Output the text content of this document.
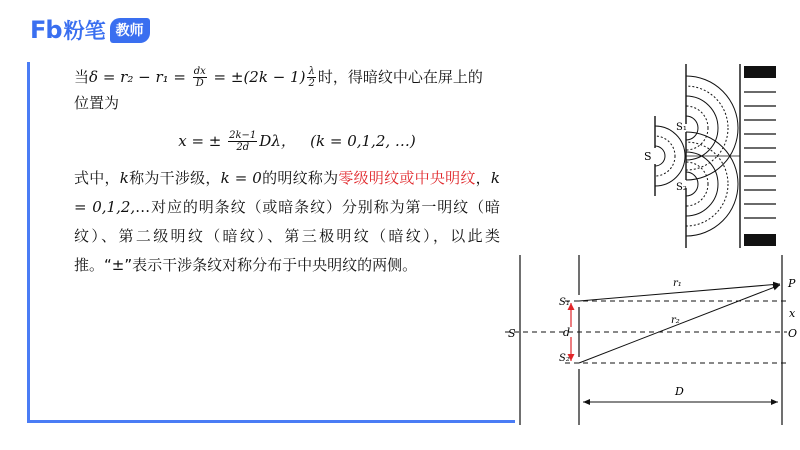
Fb 粉笔 教师
当$\delta = r_2 - r_1 = \frac{dx}{D} = \pm(2k - 1) \frac{\lambda}{2}$ 时，得暗纹中心在屏上的
位置为
x = ± $\frac{2k-1}{2d}$ Dλ， (k = 0,1,2, …)
式中，k称为干涉级，k = 0的明纹称为零级明纹或中央明纹，k = 0,1,2,…对应的明条纹（或暗条纹）分别称为第一明纹（暗纹）、第二级明纹（暗纹）、第三极明纹（暗纹），以此类推。“±”表示干涉条纹对称分布于中央明纹的两侧。
S
S₁
S₂
S
S₁
S₂
d
r₁
r₂
P
x
O
D
